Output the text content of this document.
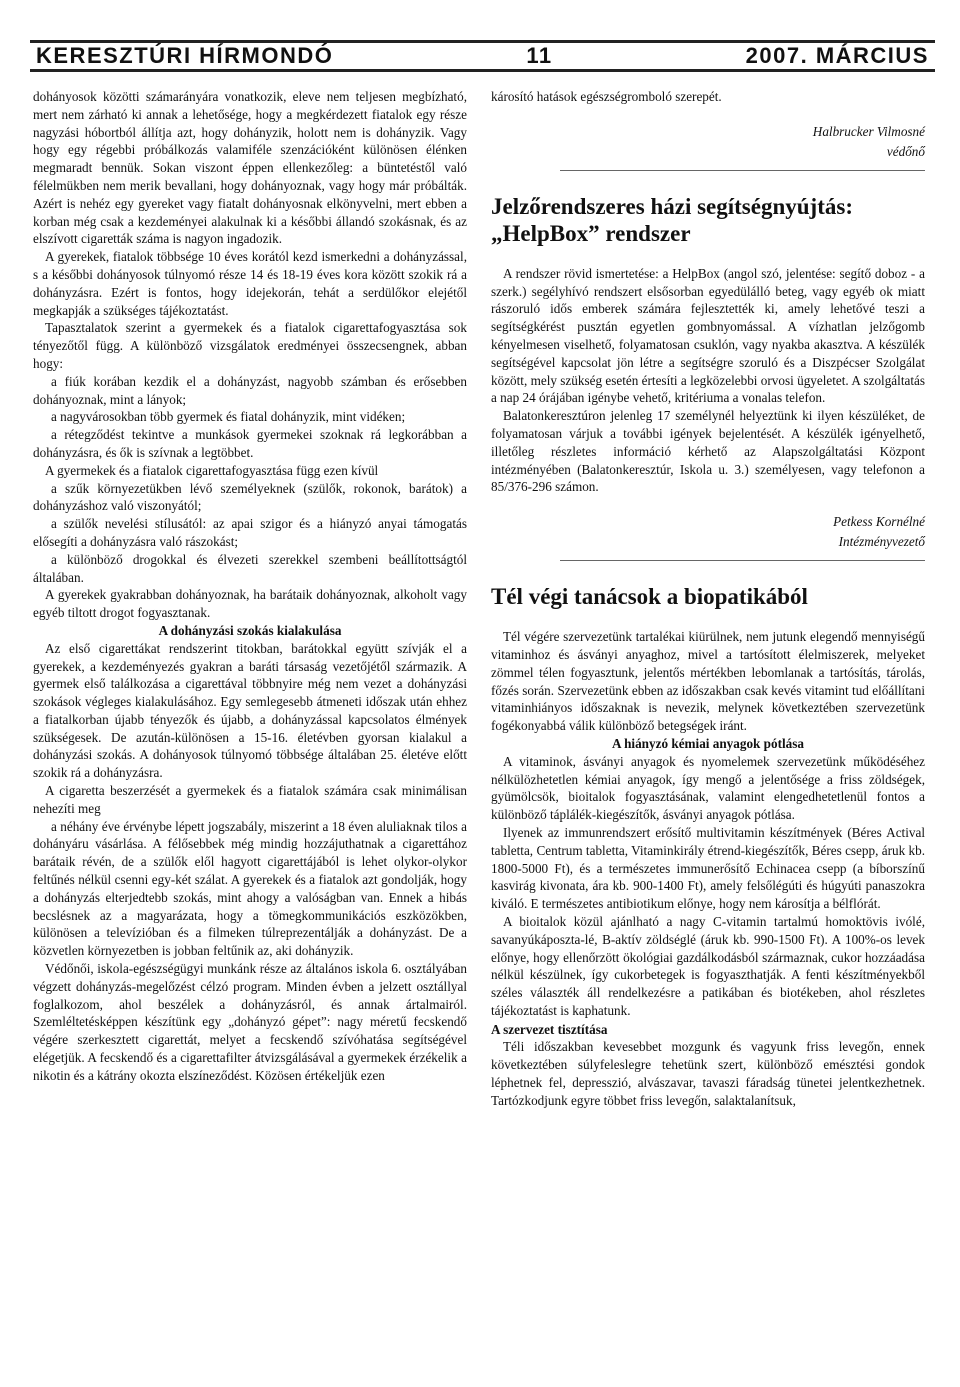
KERESZTÚRI HÍRMONDÓ	11	2007. MÁRCIUS

dohányosok közötti számarányára vonatkozik, eleve nem teljesen megbízható, mert nem zárható ki annak a lehetősége, hogy a megkérdezett fiatalok egy része nagyzási hóbortból állítja azt, hogy dohányzik, holott nem is dohányzik. Vagy hogy egy régebbi próbálkozás valamiféle szenzációként különösen élénken megmaradt bennük. Sokan viszont éppen ellenkezőleg: a büntetéstől való félelmükben nem merik bevallani, hogy dohányoznak, vagy hogy már próbálták. Azért is nehéz egy gyereket vagy fiatalt dohányosnak elkönyvelni, mert ebben a korban még csak a kezdeményei alakulnak ki a későbbi állandó szokásnak, és az elszívott cigaretták száma is nagyon ingadozik.

A gyerekek, fiatalok többsége 10 éves korától kezd ismerkedni a dohányzással, s a későbbi dohányosok túlnyomó része 14 és 18-19 éves kora között szokik rá a dohányzásra. Ezért is fontos, hogy idejekorán, tehát a serdülőkor elejétől megkapják a szükséges tájékoztatást.

Tapasztalatok szerint a gyermekek és a fiatalok cigarettafogyasztása sok tényezőtől függ. A különböző vizsgálatok eredményei összecsengnek, abban hogy:

a fiúk korában kezdik el a dohányzást, nagyobb számban és erősebben dohányoznak, mint a lányok;

a nagyvárosokban több gyermek és fiatal dohányzik, mint vidéken;

a rétegződést tekintve a munkások gyermekei szoknak rá legkorábban a dohányzásra, és ők is szívnak a legtöbbet.

A gyermekek és a fiatalok cigarettafogyasztása függ ezen kívül

a szűk környezetükben lévő személyeknek (szülők, rokonok, barátok) a dohányzáshoz való viszonyától;

a szülők nevelési stílusától: az apai szigor és a hiányzó anyai támogatás elősegíti a dohányzásra való rászokást;

a különböző drogokkal és élvezeti szerekkel szembeni beállítottságtól általában.

A gyerekek gyakrabban dohányoznak, ha barátaik dohányoznak, alkoholt vagy egyéb tiltott drogot fogyasztanak.

A dohányzási szokás kialakulása

Az első cigarettákat rendszerint titokban, barátokkal együtt szívják el a gyerekek, a kezdeményezés gyakran a baráti társaság vezetőjétől származik. A gyermek első találkozása a cigarettával többnyire még nem vezet a dohányzási szokások végleges kialakulásához. Egy semlegesebb átmeneti időszak után ehhez a fiatalkorban újabb tényezők és újabb, a dohányzással kapcsolatos élmények szükségesek. De azután-különösen a 15-16. életévben gyorsan kialakul a dohányzási szokás. A dohányosok túlnyomó többsége általában 25. életéve előtt szokik rá a dohányzásra.

A cigaretta beszerzését a gyermekek és a fiatalok számára csak minimálisan nehezíti meg

a néhány éve érvénybe lépett jogszabály, miszerint a 18 éven aluliaknak tilos a dohányáru vásárlása. A félősebbek még mindig hozzájuthatnak a cigarettához barátaik révén, de a szülők elől hagyott cigarettájából is lehet olykor-olykor feltűnés nélkül csenni egy-két szálat. A gyerekek és a fiatalok azt gondolják, hogy a dohányzás elterjedtebb szokás, mint ahogy a valóságban van. Ennek a hibás becslésnek az a magyarázata, hogy a tömegkommunikációs eszközökben, különösen a televízióban és a filmeken túlreprezentálják a dohányzást. De a közvetlen környezetben is jobban feltűnik az, aki dohányzik.

Védőnői, iskola-egészségügyi munkánk része az általános iskola 6. osztályában végzett dohányzás-megelőzést célzó program. Minden évben a jelzett osztállyal foglalkozom, ahol beszélek a dohányzásról, és annak ártalmairól. Szemléltetésképpen készítünk egy „dohányzó gépet”: nagy méretű fecskendő végére szerkesztett cigarettát, melyet a fecskendő szívóhatása segítségével elégetjük. A fecskendő és a cigarettafilter átvizsgálásával a gyermekek érzékelik a nikotin és a kátrány okozta elszíneződést. Közösen értékeljük ezen

károsító hatások egészségromboló szerepét.

Halbrucker Vilmosné
védőnő
Jelzőrendszeres házi segítségnyújtás: „HelpBox” rendszer

A rendszer rövid ismertetése: a HelpBox (angol szó, jelentése: segítő doboz - a szerk.) segélyhívó rendszert elsősorban egyedülálló beteg, vagy egyéb ok miatt rászoruló idős emberek számára fejlesztették ki, amely lehetővé teszi a segítségkérést pusztán egyetlen gombnyomással. A vízhatlan jelzőgomb kényelmesen viselhető, folyamatosan csuklón, vagy nyakba akasztva. A készülék segítségével kapcsolat jön létre a segítségre szoruló és a Diszpécser Szolgálat között, mely szükség esetén értesíti a legközelebbi orvosi ügyeletet. A szolgáltatás a nap 24 órájában igénybe vehető, kritériuma a vonalas telefon.

Balatonkeresztúron jelenleg 17 személynél helyeztünk ki ilyen készüléket, de folyamatosan várjuk a további igények bejelentését. A készülék igényelhető, illetőleg részletes információ kérhető az Alapszolgáltatási Központ intézményében (Balatonkeresztúr, Iskola u. 3.) személyesen, vagy telefonon a 85/376-296 számon.

Petkess Kornélné
Intézményvezető
Tél végi tanácsok a biopatikából

Tél végére szervezetünk tartalékai kiürülnek, nem jutunk elegendő mennyiségű vitaminhoz és ásványi anyaghoz, mivel a tartósított élelmiszerek, melyeket zömmel télen fogyasztunk, jelentős mértékben lebomlanak a tartósítás, tárolás, főzés során. Szervezetünk ebben az időszakban csak kevés vitamint tud előállítani vitaminhiányos időszaknak is nevezik, melynek következtében szervezetünk fogékonyabbá válik különböző betegségek iránt.

A hiányzó kémiai anyagok pótlása

A vitaminok, ásványi anyagok és nyomelemek szervezetünk működéséhez nélkülözhetetlen kémiai anyagok, így mengő a jelentősége a friss zöldségek, gyümölcsök, bioitalok fogyasztásának, valamint elengedhetetlenül fontos a különböző táplálék-kiegészítők, ásványi anyagok pótlása.

Ilyenek az immunrendszert erősítő multivitamin készítmények (Béres Actival tabletta, Centrum tabletta, Vitaminkirály étrend-kiegészítők, Béres csepp, áruk kb. 1800-5000 Ft), és a természetes immunerősítő Echinacea csepp (a bíborszínű kasvirág kivonata, ára kb. 900-1400 Ft), amely felsőlégúti és húgyúti panaszokra kiváló. E természetes antibiotikum előnye, hogy nem károsítja a bélflórát.

A bioitalok közül ajánlható a nagy C-vitamin tartalmú homoktövis ivólé, savanyúkáposzta-lé, B-aktív zöldséglé (áruk kb. 990-1500 Ft). A 100%-os levek előnye, hogy ellenőrzött ökológiai gazdálkodásból származnak, cukor hozzáadása nélkül készülnek, így cukorbetegek is fogyaszthatják. A fenti készítményekből széles választék áll rendelkezésre a patikában és biotékeben, ahol részletes tájékoztatást is kaphatunk.

A szervezet tisztítása

Téli időszakban kevesebbet mozgunk és vagyunk friss levegőn, ennek következtében súlyfeleslegre tehetünk szert, különböző emésztési gondok léphetnek fel, depresszió, alvászavar, tavaszi fáradság tünetei jelentkezhetnek. Tartózkodjunk egyre többet friss levegőn, salaktalanítsuk,
